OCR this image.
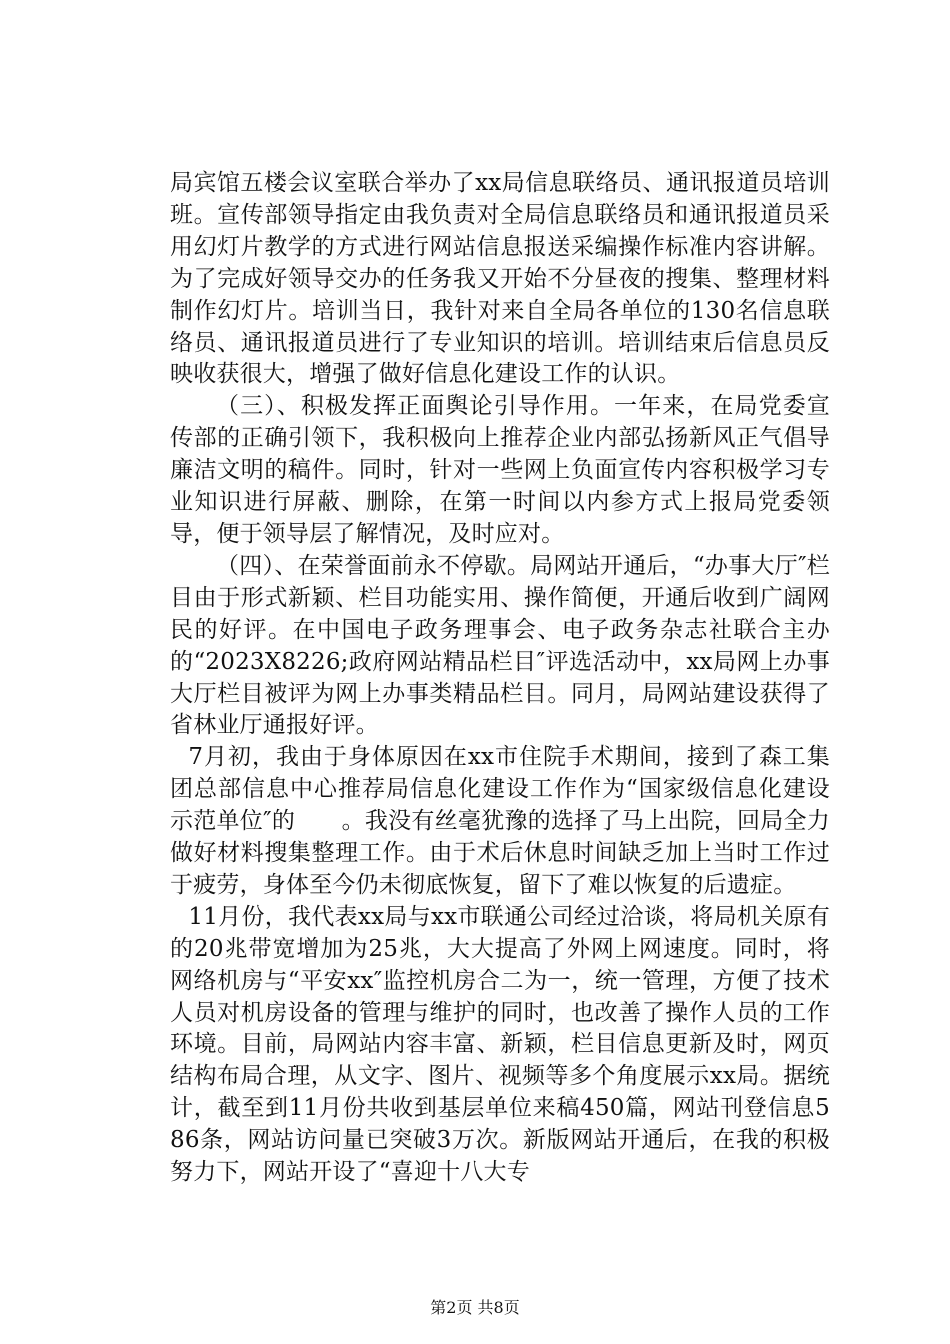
局宾馆五楼会议室联合举办了xx局信息联络员、通讯报道员培训班。宣传部领导指定由我负责对全局信息联络员和通讯报道员采用幻灯片教学的方式进行网站信息报送采编操作标准内容讲解。为了完成好领导交办的任务我又开始不分昼夜的搜集、整理材料制作幻灯片。培训当日，我针对来自全局各单位的130名信息联络员、通讯报道员进行了专业知识的培训。培训结束后信息员反映收获很大，增强了做好信息化建设工作的认识。

（三）、积极发挥正面舆论引导作用。一年来，在局党委宣传部的正确引领下，我积极向上推荐企业内部弘扬新风正气倡导廉洁文明的稿件。同时，针对一些网上负面宣传内容积极学习专业知识进行屏蔽、删除，在第一时间以内参方式上报局党委领导，便于领导层了解情况，及时应对。

（四）、在荣誉面前永不停歇。局网站开通后，“办事大厅″栏目由于形式新颖、栏目功能实用、操作简便，开通后收到广阔网民的好评。在中国电子政务理事会、电子政务杂志社联合主办的“2023X8226;政府网站精品栏目″评选活动中，xx局网上办事大厅栏目被评为网上办事类精品栏目。同月，局网站建设获得了省林业厅通报好评。

7月初，我由于身体原因在xx市住院手术期间，接到了森工集团总部信息中心推荐局信息化建设工作作为“国家级信息化建设示范单位″的　　。我没有丝毫犹豫的选择了马上出院，回局全力做好材料搜集整理工作。由于术后休息时间缺乏加上当时工作过于疲劳，身体至今仍未彻底恢复，留下了难以恢复的后遗症。

11月份，我代表xx局与xx市联通公司经过洽谈，将局机关原有的20兆带宽增加为25兆，大大提高了外网上网速度。同时，将网络机房与“平安xx″监控机房合二为一，统一管理，方便了技术人员对机房设备的管理与维护的同时，也改善了操作人员的工作环境。目前，局网站内容丰富、新颖，栏目信息更新及时，网页结构布局合理，从文字、图片、视频等多个角度展示xx局。据统计，截至到11月份共收到基层单位来稿450篇，网站刊登信息586条，网站访问量已突破3万次。新版网站开通后，在我的积极努力下，网站开设了“喜迎十八大专

第2页 共8页
